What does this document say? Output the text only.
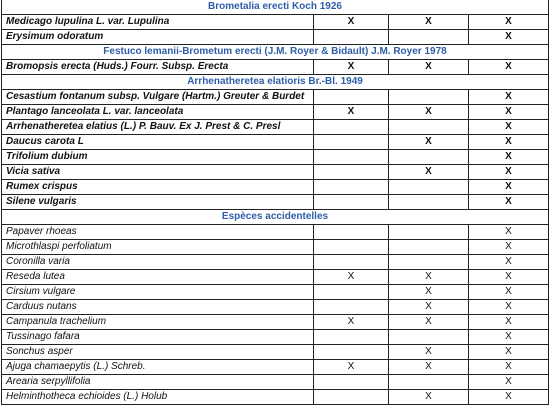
Brometalia erecti Koch 1926			
Medicago lupulina L. var. Lupulina	X	X	X
Erysimum odoratum			X
Festuco lemanii-Brometum erecti (J.M. Royer & Bidault) J.M. Royer 1978			
Bromopsis erecta (Huds.) Fourr. Subsp. Erecta	X	X	X
Arrhenatheretea elatioris Br.-Bl. 1949			
Cesastium fontanum subsp. Vulgare (Hartm.) Greuter & Burdet			X
Plantago lanceolata L. var. lanceolata	X	X	X
Arrhenatheretea elatius (L.) P. Bauv. Ex J. Prest & C. Presl			X
Daucus carota L		X	X
Trifolium dubium			X
Vicia sativa		X	X
Rumex crispus			X
Silene vulgaris			X
Espèces accidentelles			
Papaver rhoeas			X
Microthlaspi perfoliatum			X
Coronilla varia			X
Reseda lutea	X	X	X
Cirsium vulgare		X	X
Carduus nutans		X	X
Campanula trachelium	X	X	X
Tussinago fafara			X
Sonchus asper		X	X
Ajuga chamaepytis (L.) Schreb.	X	X	X
Arearia serpyllifolia			X
Helminthotheca echioides (L.) Holub		X	X
